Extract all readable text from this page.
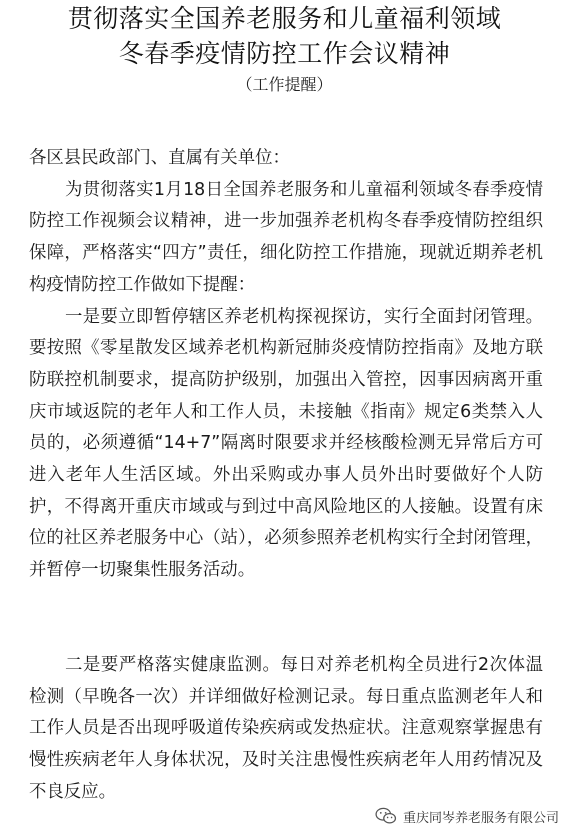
贯彻落实全国养老服务和儿童福利领域
冬春季疫情防控工作会议精神
（工作提醒）

各区县民政部门、直属有关单位：

为贯彻落实1月18日全国养老服务和儿童福利领域冬春季疫情防控工作视频会议精神，进一步加强养老机构冬春季疫情防控组织保障，严格落实“四方”责任，细化防控工作措施，现就近期养老机构疫情防控工作做如下提醒：

一是要立即暂停辖区养老机构探视探访，实行全面封闭管理。要按照《零星散发区域养老机构新冠肺炎疫情防控指南》及地方联防联控机制要求，提高防护级别，加强出入管控，因事因病离开重庆市域返院的老年人和工作人员，未接触《指南》规定6类禁入人员的，必须遵循“14+7”隔离时限要求并经核酸检测无异常后方可进入老年人生活区域。外出采购或办事人员外出时要做好个人防护，不得离开重庆市域或与到过中高风险地区的人接触。设置有床位的社区养老服务中心（站），必须参照养老机构实行全封闭管理，并暂停一切聚集性服务活动。

二是要严格落实健康监测。每日对养老机构全员进行2次体温检测（早晚各一次）并详细做好检测记录。每日重点监测老年人和工作人员是否出现呼吸道传染疾病或发热症状。注意观察掌握患有慢性疾病老年人身体状况，及时关注患慢性疾病老年人用药情况及不良反应。

重庆同岑养老服务有限公司
